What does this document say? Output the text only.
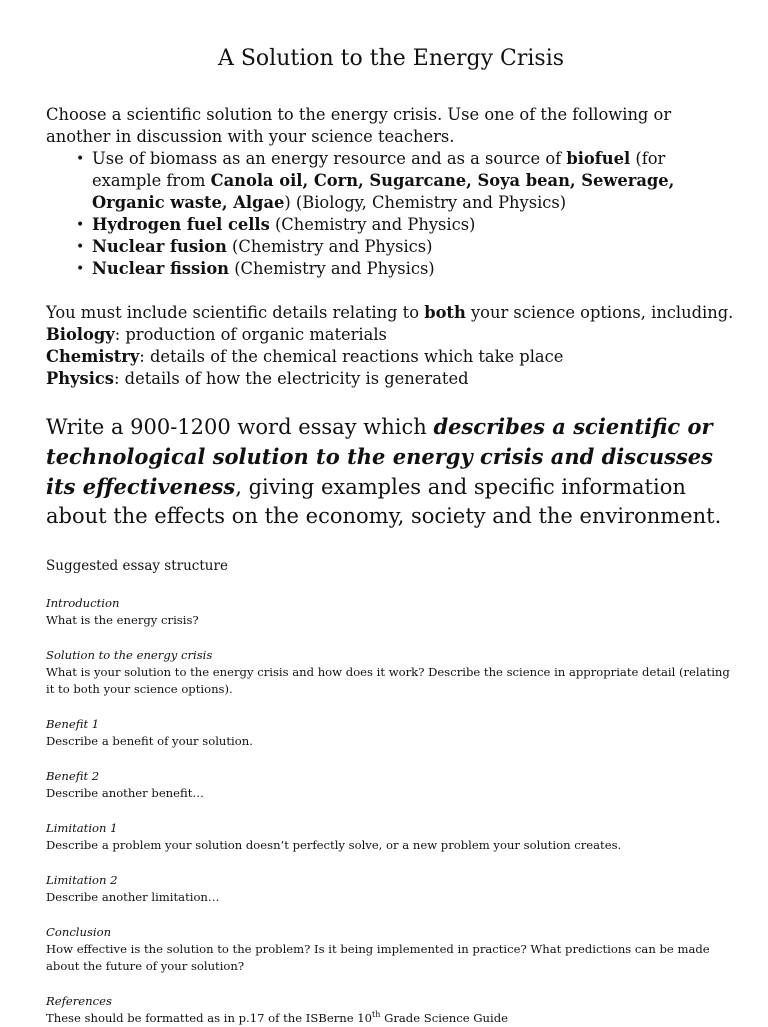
A Solution to the Energy Crisis
Choose a scientific solution to the energy crisis. Use one of the following or another in discussion with your science teachers.
• Use of biomass as an energy resource and as a source of biofuel (for example from Canola oil, Corn, Sugarcane, Soya bean, Sewerage, Organic waste, Algae) (Biology, Chemistry and Physics)
• Hydrogen fuel cells (Chemistry and Physics)
• Nuclear fusion (Chemistry and Physics)
• Nuclear fission (Chemistry and Physics)
You must include scientific details relating to both your science options, including.
Biology: production of organic materials
Chemistry: details of the chemical reactions which take place
Physics: details of how the electricity is generated
Write a 900-1200 word essay which describes a scientific or technological solution to the energy crisis and discusses its effectiveness, giving examples and specific information about the effects on the economy, society and the environment.
Suggested essay structure
Introduction
What is the energy crisis?
Solution to the energy crisis
What is your solution to the energy crisis and how does it work? Describe the science in appropriate detail (relating it to both your science options).
Benefit 1
Describe a benefit of your solution.
Benefit 2
Describe another benefit…
Limitation 1
Describe a problem your solution doesn’t perfectly solve, or a new problem your solution creates.
Limitation 2
Describe another limitation…
Conclusion
How effective is the solution to the problem? Is it being implemented in practice? What predictions can be made about the future of your solution?
References
These should be formatted as in p.17 of the ISBerne 10th Grade Science Guide
